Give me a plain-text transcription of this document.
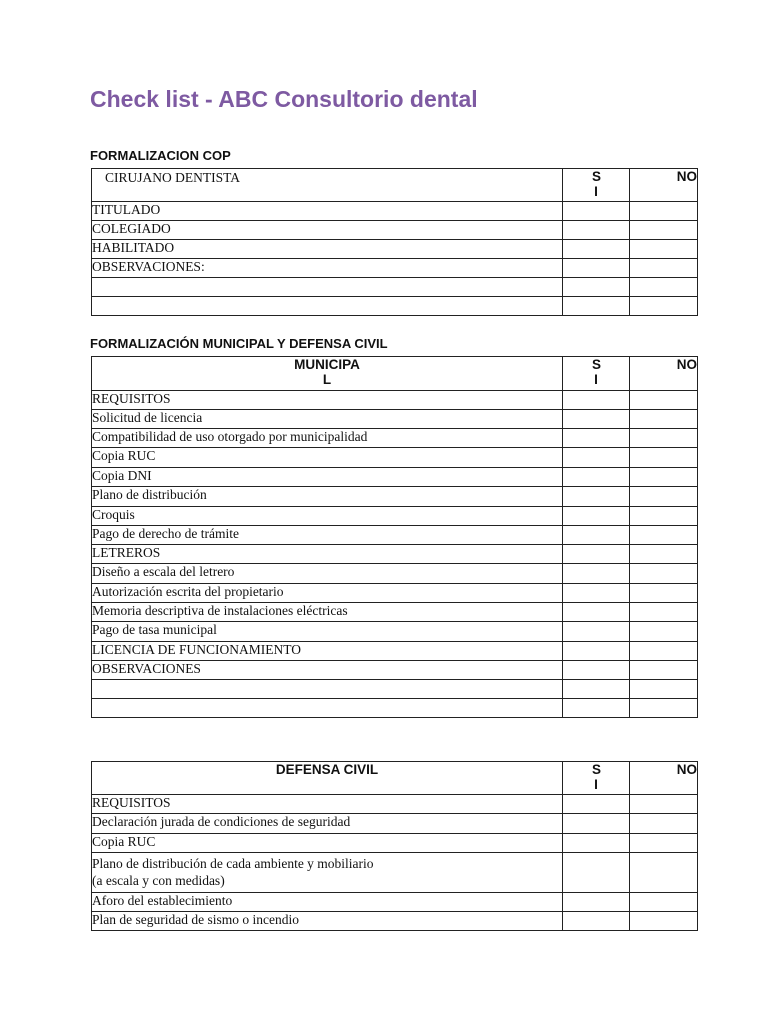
Check list - ABC Consultorio dental
FORMALIZACION COP
CIRUJANO DENTISTA	SI	NO
TITULADO		
COLEGIADO		
HABILITADO		
OBSERVACIONES:		

FORMALIZACIÓN MUNICIPAL Y DEFENSA CIVIL
MUNICIPAL	SI	NO
REQUISITOS		
Solicitud de licencia		
Compatibilidad de uso otorgado por municipalidad		
Copia RUC		
Copia DNI		
Plano de distribución		
Croquis		
Pago de derecho de trámite		
LETREROS		
Diseño a escala del letrero		
Autorización escrita del propietario		
Memoria descriptiva de instalaciones eléctricas		
Pago de tasa municipal		
LICENCIA DE FUNCIONAMIENTO		
OBSERVACIONES		

DEFENSA CIVIL	SI	NO
REQUISITOS		
Declaración jurada de condiciones de seguridad		
Copia RUC		
Plano de distribución de cada ambiente y mobiliario (a escala y con medidas)		
Aforo del establecimiento		
Plan de seguridad de sismo o incendio		
